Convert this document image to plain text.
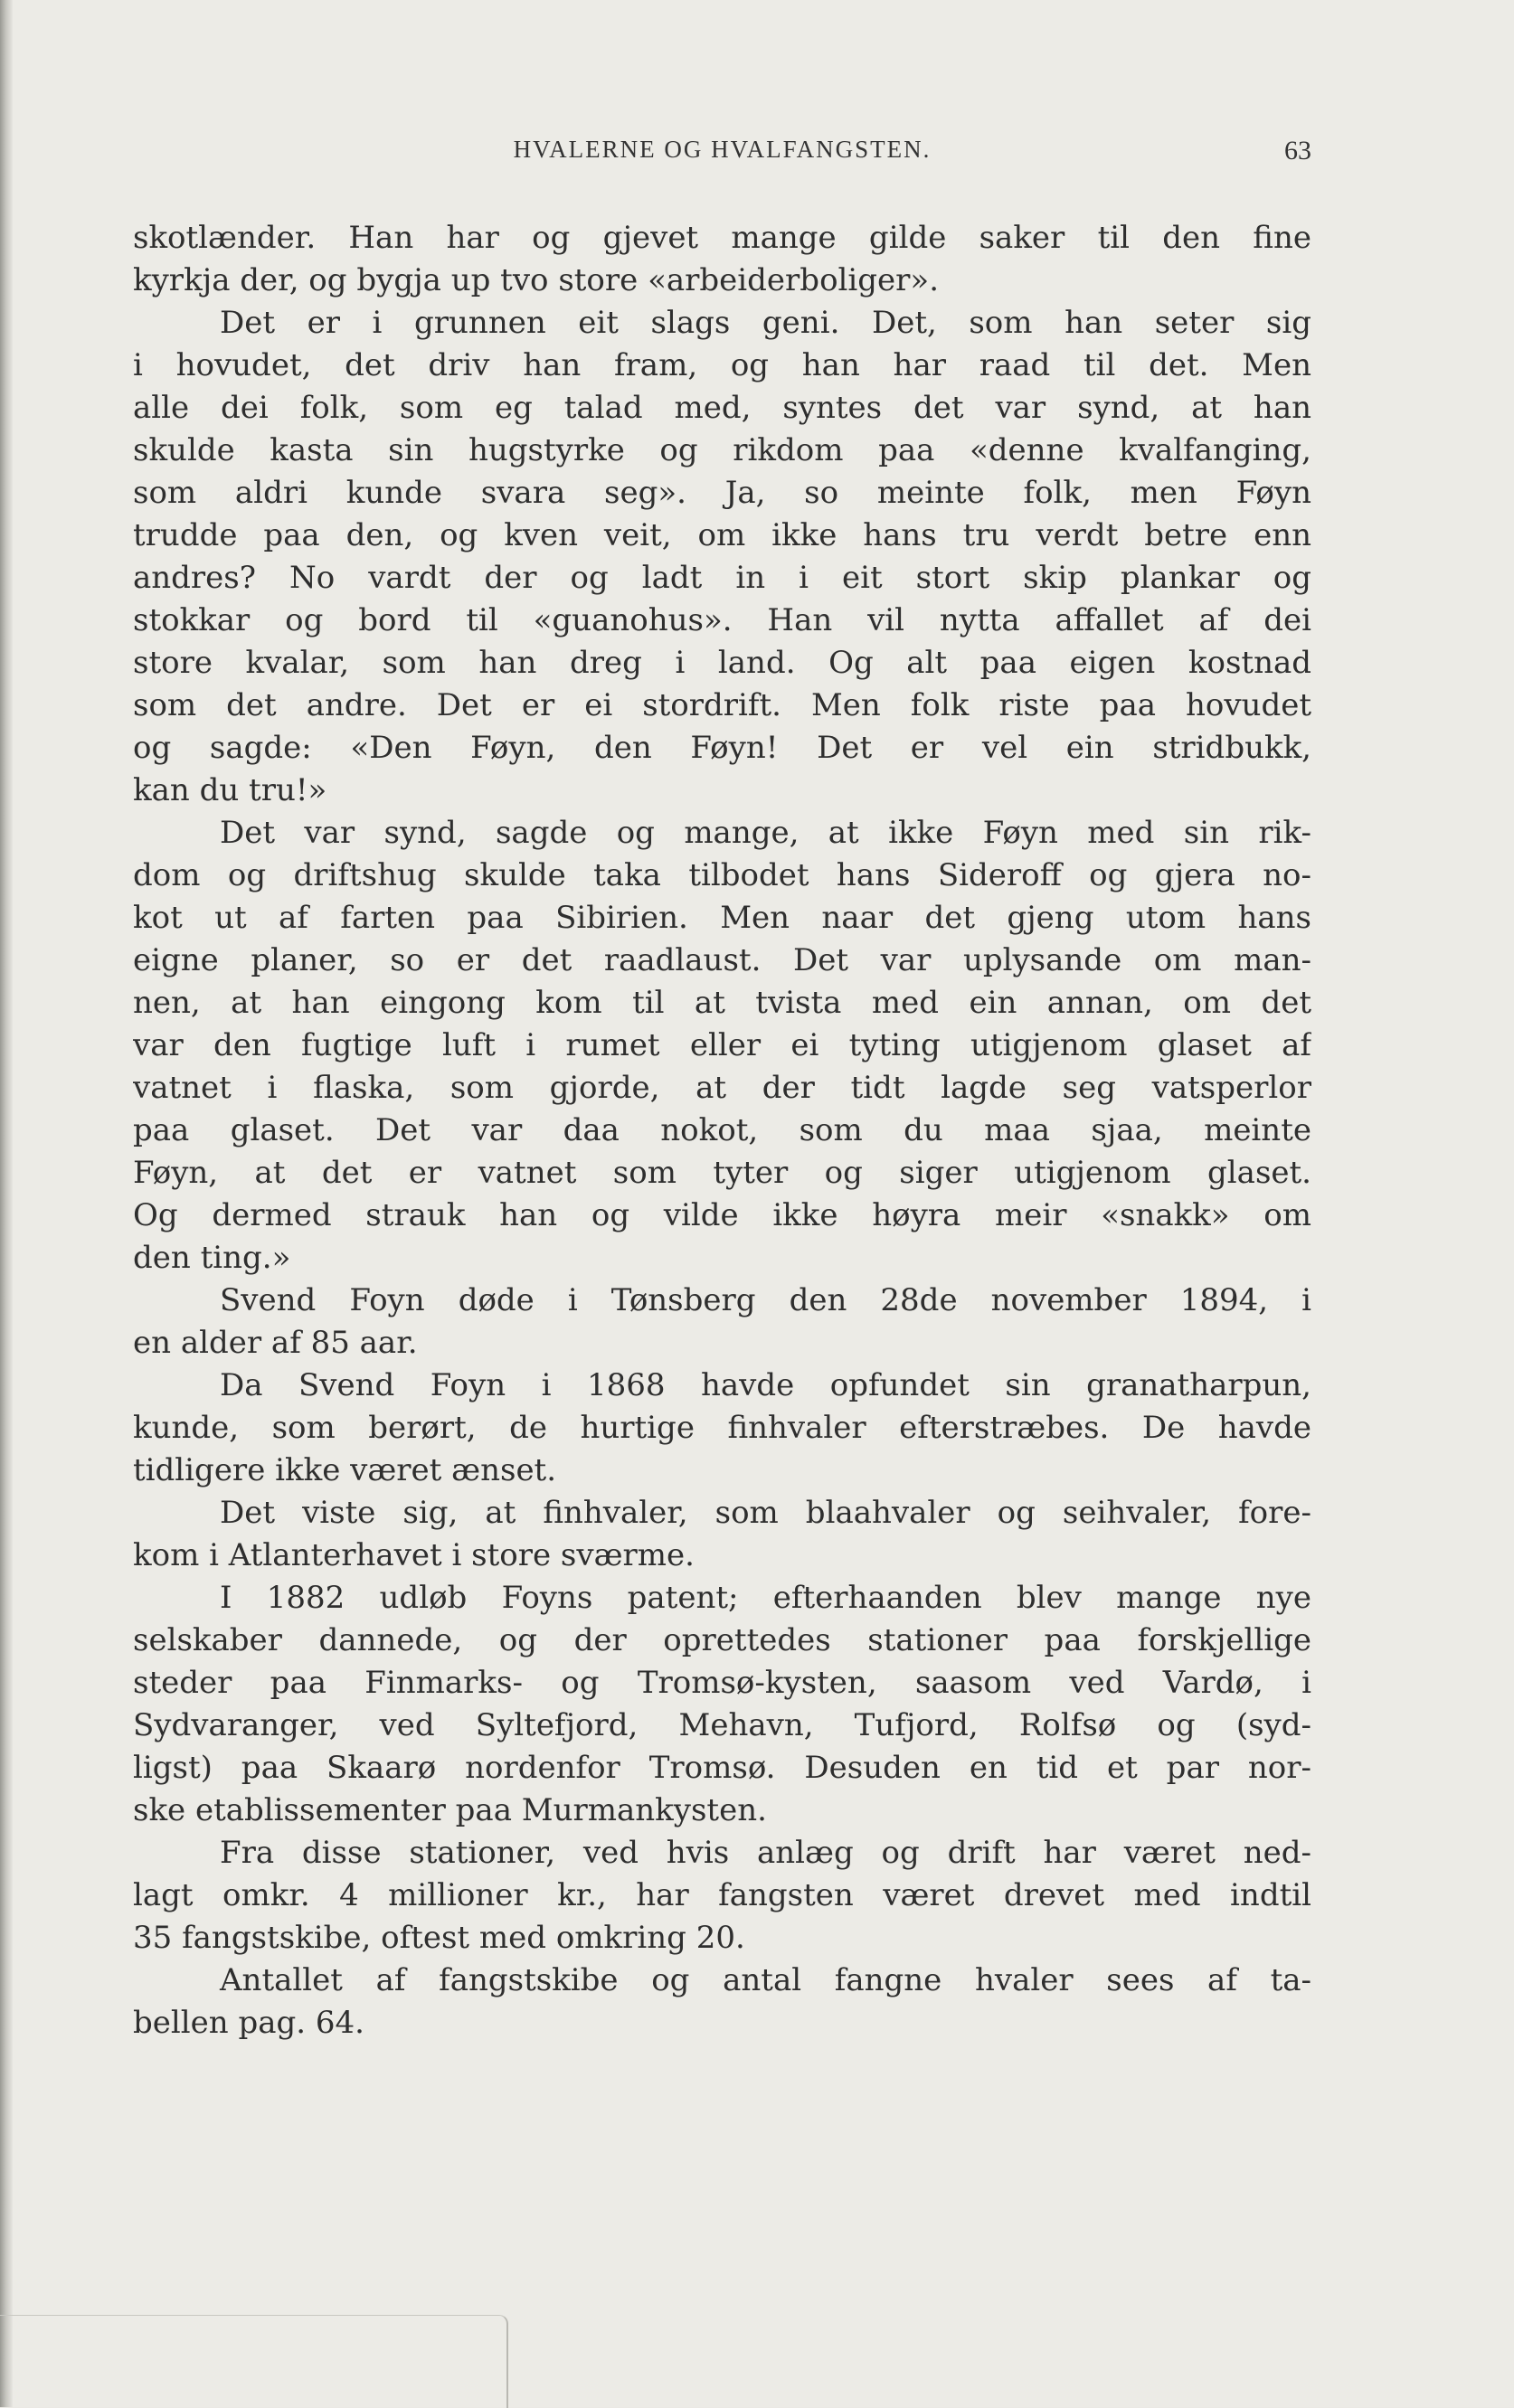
HVALERNE OG HVALFANGSTEN.	63
skotlænder. Han har og gjevet mange gilde saker til den fine
kyrkja der, og bygja up tvo store «arbeiderboliger».
Det er i grunnen eit slags geni. Det, som han seter sig
i hovudet, det driv han fram, og han har raad til det. Men
alle dei folk, som eg talad med, syntes det var synd, at han
skulde kasta sin hugstyrke og rikdom paa «denne kvalfanging,
som aldri kunde svara seg». Ja, so meinte folk, men Føyn
trudde paa den, og kven veit, om ikke hans tru verdt betre enn
andres? No vardt der og ladt in i eit stort skip plankar og
stokkar og bord til «guanohus». Han vil nytta affallet af dei
store kvalar, som han dreg i land. Og alt paa eigen kostnad
som det andre. Det er ei stordrift. Men folk riste paa hovudet
og sagde: «Den Føyn, den Føyn! Det er vel ein stridbukk,
kan du tru!»
Det var synd, sagde og mange, at ikke Føyn med sin rik-
dom og driftshug skulde taka tilbodet hans Sideroff og gjera no-
kot ut af farten paa Sibirien. Men naar det gjeng utom hans
eigne planer, so er det raadlaust. Det var uplysande om man-
nen, at han eingong kom til at tvista med ein annan, om det
var den fugtige luft i rumet eller ei tyting utigjenom glaset af
vatnet i flaska, som gjorde, at der tidt lagde seg vatsperlor
paa glaset. Det var daa nokot, som du maa sjaa, meinte
Føyn, at det er vatnet som tyter og siger utigjenom glaset.
Og dermed strauk han og vilde ikke høyra meir «snakk» om
den ting.»
Svend Foyn døde i Tønsberg den 28de november 1894, i
en alder af 85 aar.
Da Svend Foyn i 1868 havde opfundet sin granatharpun,
kunde, som berørt, de hurtige finhvaler efterstræbes. De havde
tidligere ikke været ænset.
Det viste sig, at finhvaler, som blaahvaler og seihvaler, fore-
kom i Atlanterhavet i store sværme.
I 1882 udløb Foyns patent; efterhaanden blev mange nye
selskaber dannede, og der oprettedes stationer paa forskjellige
steder paa Finmarks- og Tromsø-kysten, saasom ved Vardø, i
Sydvaranger, ved Syltefjord, Mehavn, Tufjord, Rolfsø og (syd-
ligst) paa Skaarø nordenfor Tromsø. Desuden en tid et par nor-
ske etablissementer paa Murmankysten.
Fra disse stationer, ved hvis anlæg og drift har været ned-
lagt omkr. 4 millioner kr., har fangsten været drevet med indtil
35 fangstskibe, oftest med omkring 20.
Antallet af fangstskibe og antal fangne hvaler sees af ta-
bellen pag. 64.
